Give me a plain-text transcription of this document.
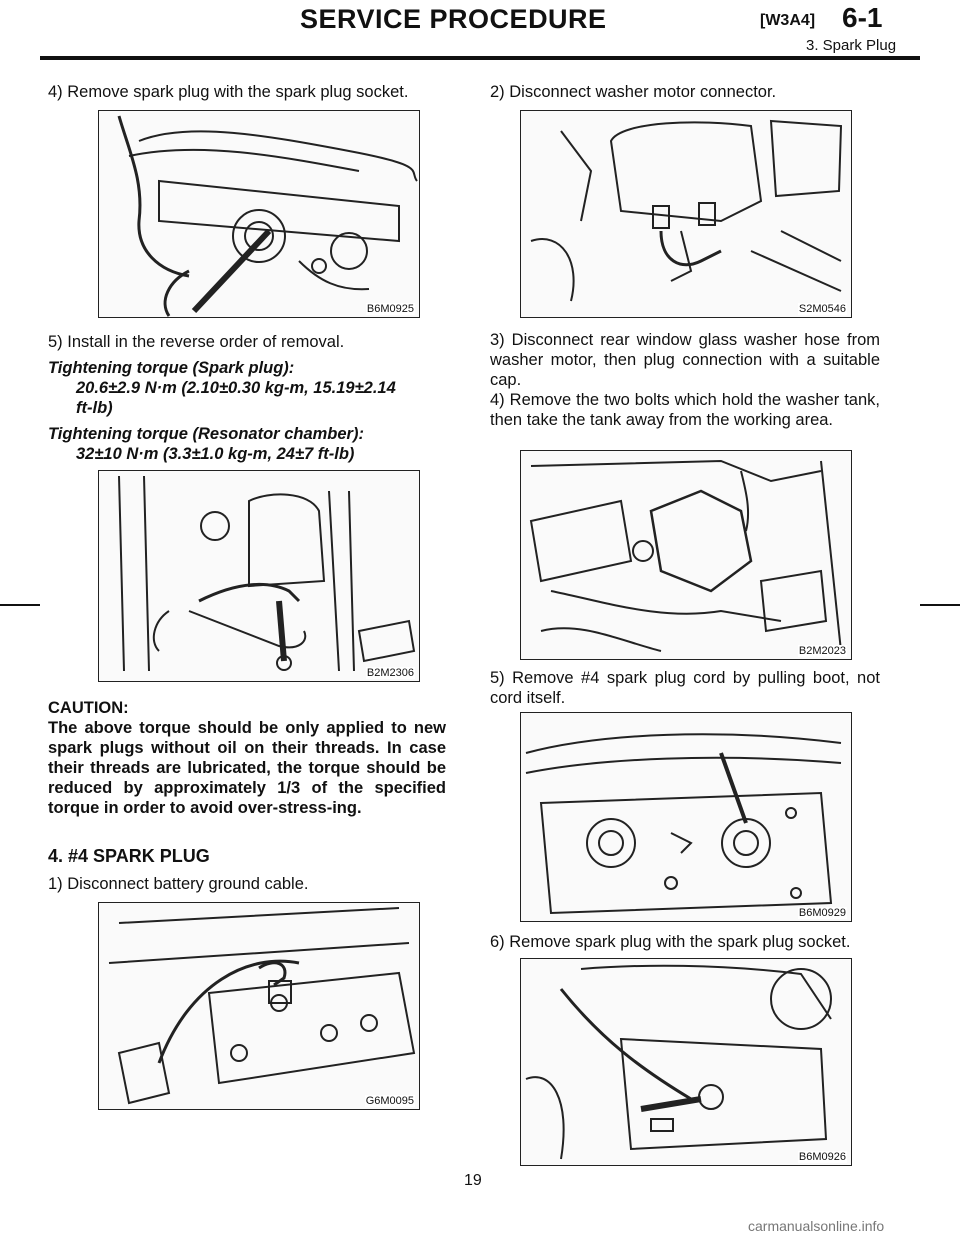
SERVICE PROCEDURE	[W3A4] 6-1
3. Spark Plug
4) Remove spark plug with the spark plug socket.
B6M0925
5) Install in the reverse order of removal.
Tightening torque (Spark plug):
20.6±2.9 N·m (2.10±0.30 kg-m, 15.19±2.14
ft-lb)
Tightening torque (Resonator chamber):
32±10 N·m (3.3±1.0 kg-m, 24±7 ft-lb)
B2M2306
CAUTION:
The above torque should be only applied to new spark plugs without oil on their threads. In case their threads are lubricated, the torque should be reduced by approximately 1/3 of the specified torque in order to avoid over-stress-ing.
4. #4 SPARK PLUG
1) Disconnect battery ground cable.
G6M0095
2) Disconnect washer motor connector.
S2M0546
3) Disconnect rear window glass washer hose from washer motor, then plug connection with a suitable cap.
4) Remove the two bolts which hold the washer tank, then take the tank away from the working area.
B2M2023
5) Remove #4 spark plug cord by pulling boot, not cord itself.
B6M0929
6) Remove spark plug with the spark plug socket.
B6M0926
19
carmanualsonline.info
